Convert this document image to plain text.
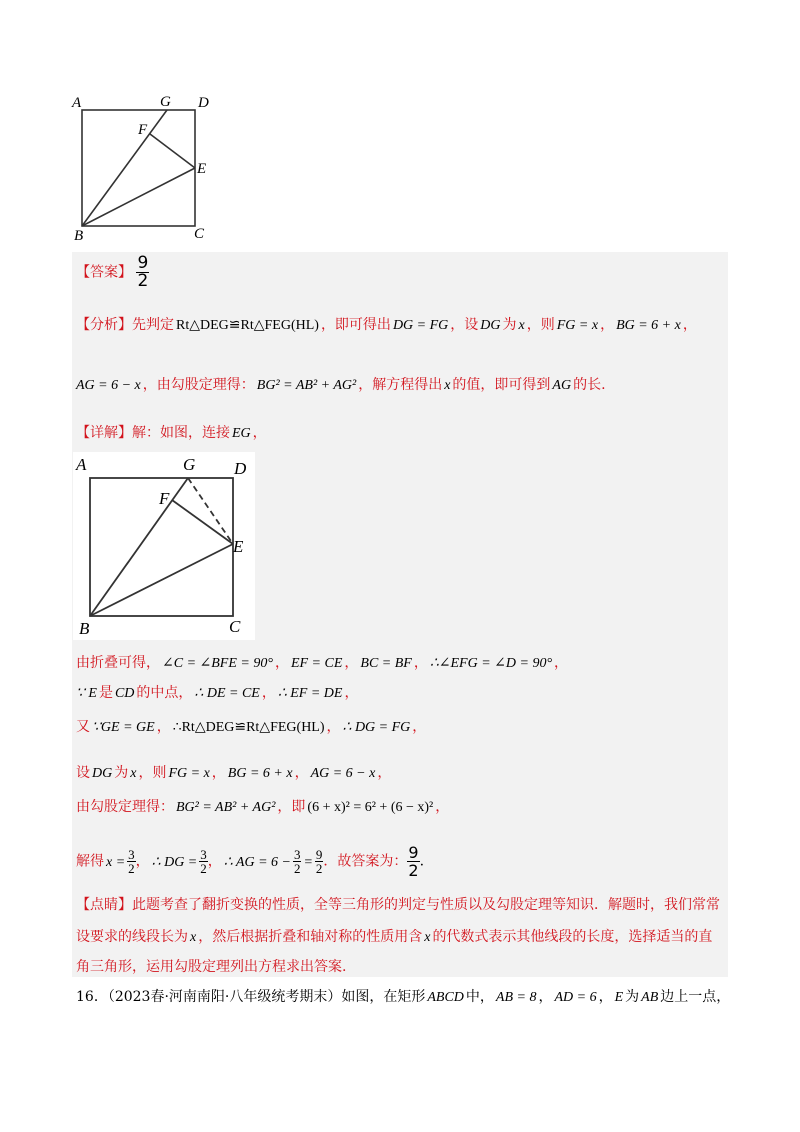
A	G D
F
E
B	C
【答案】 $\frac{9}{2}$
【分析】先判定 Rt△DEG≌Rt△FEG(HL) ，即可得出 DG = FG ，设 DG 为 x ，则 FG = x ， BG = 6 + x ，
AG = 6 − x ，由勾股定理得： BG² = AB² + AG² ，解方程得出 x 的值，即可得到 AG 的长.
【详解】解：如图，连接 EG ，
A	G D
F
E
B	C
由折叠可得， ∠C = ∠BFE = 90° ， EF = CE ， BC = BF ， ∴∠EFG = ∠D = 90° ，
∵ E 是 CD 的中点， ∴ DE = CE ， ∴ EF = DE ，
又 ∵GE = GE ， ∴Rt△DEG≌Rt△FEG(HL) ， ∴ DG = FG ，
设 DG 为 x ，则 FG = x ， BG = 6 + x ， AG = 6 − x ，
由勾股定理得： BG² = AB² + AG² ，即 (6 + x)² = 6² + (6 − x)² ，
解得 $x = \frac{3}{2}$ ， ∴ DG = $\frac{3}{2}$ ， ∴ AG = $6 - \frac{3}{2} = \frac{9}{2}$ ．故答案为： $\frac{9}{2}$ .
【点睛】此题考查了翻折变换的性质，全等三角形的判定与性质以及勾股定理等知识．解题时，我们常常
设要求的线段长为 x ，然后根据折叠和轴对称的性质用含 x 的代数式表示其他线段的长度，选择适当的直
角三角形，运用勾股定理列出方程求出答案.
16．（2023春·河南南阳·八年级统考期末）如图，在矩形 ABCD 中， AB = 8 ， AD = 6 ， E 为 AB 边上一点，
